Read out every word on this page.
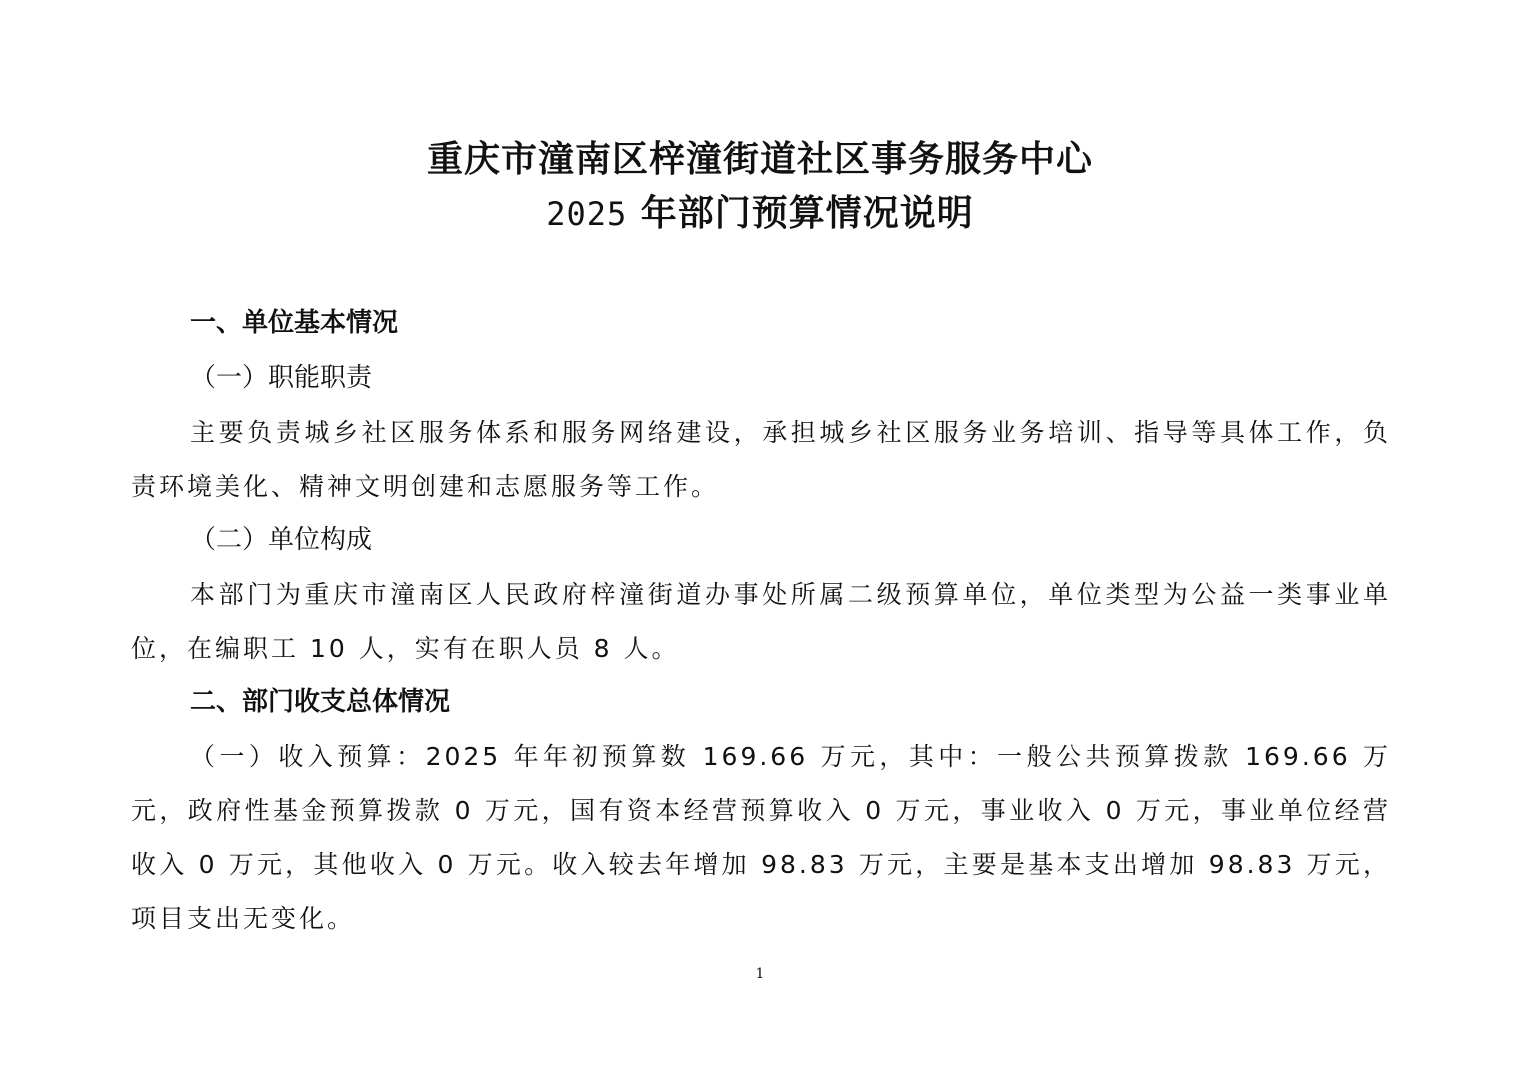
重庆市潼南区梓潼街道社区事务服务中心
2025 年部门预算情况说明
一、单位基本情况
（一）职能职责
主要负责城乡社区服务体系和服务网络建设，承担城乡社区服务业务培训、指导等具体工作，负责环境美化、精神文明创建和志愿服务等工作。
（二）单位构成
本部门为重庆市潼南区人民政府梓潼街道办事处所属二级预算单位，单位类型为公益一类事业单位，在编职工 10 人，实有在职人员 8 人。
二、部门收支总体情况
（一）收入预算：2025 年年初预算数 169.66 万元，其中：一般公共预算拨款 169.66 万元，政府性基金预算拨款 0 万元，国有资本经营预算收入 0 万元，事业收入 0 万元，事业单位经营收入 0 万元，其他收入 0 万元。收入较去年增加 98.83 万元，主要是基本支出增加 98.83 万元，项目支出无变化。
1
